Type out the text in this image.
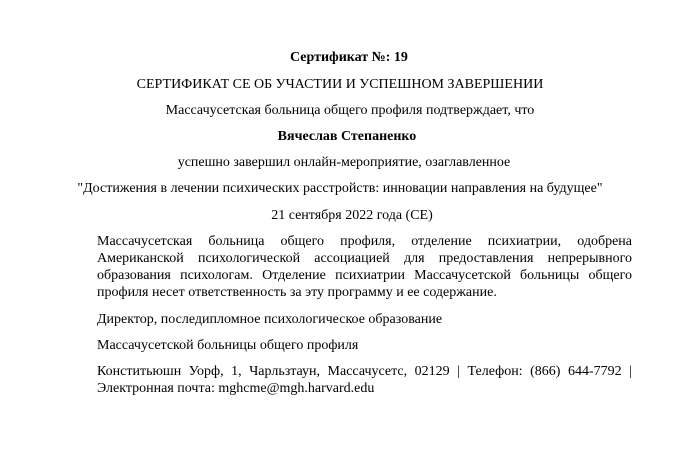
Сертификат №: 19
СЕРТИФИКАТ CE ОБ УЧАСТИИ И УСПЕШНОМ ЗАВЕРШЕНИИ
Массачусетская больница общего профиля подтверждает, что
Вячеслав Степаненко
успешно завершил онлайн-мероприятие, озаглавленное
"Достижения в лечении психических расстройств: инновации направления на будущее"
21 сентября 2022 года (CE)
Массачусетская больница общего профиля, отделение психиатрии, одобрена Американской психологической ассоциацией для предоставления непрерывного образования психологам. Отделение психиатрии Массачусетской больницы общего профиля несет ответственность за эту программу и ее содержание.
Директор, последипломное психологическое образование
Массачусетской больницы общего профиля
Конститьюшн Уорф, 1, Чарльзтаун, Массачусетс, 02129 | Телефон: (866) 644-7792 | Электронная почта: mghcme@mgh.harvard.edu
